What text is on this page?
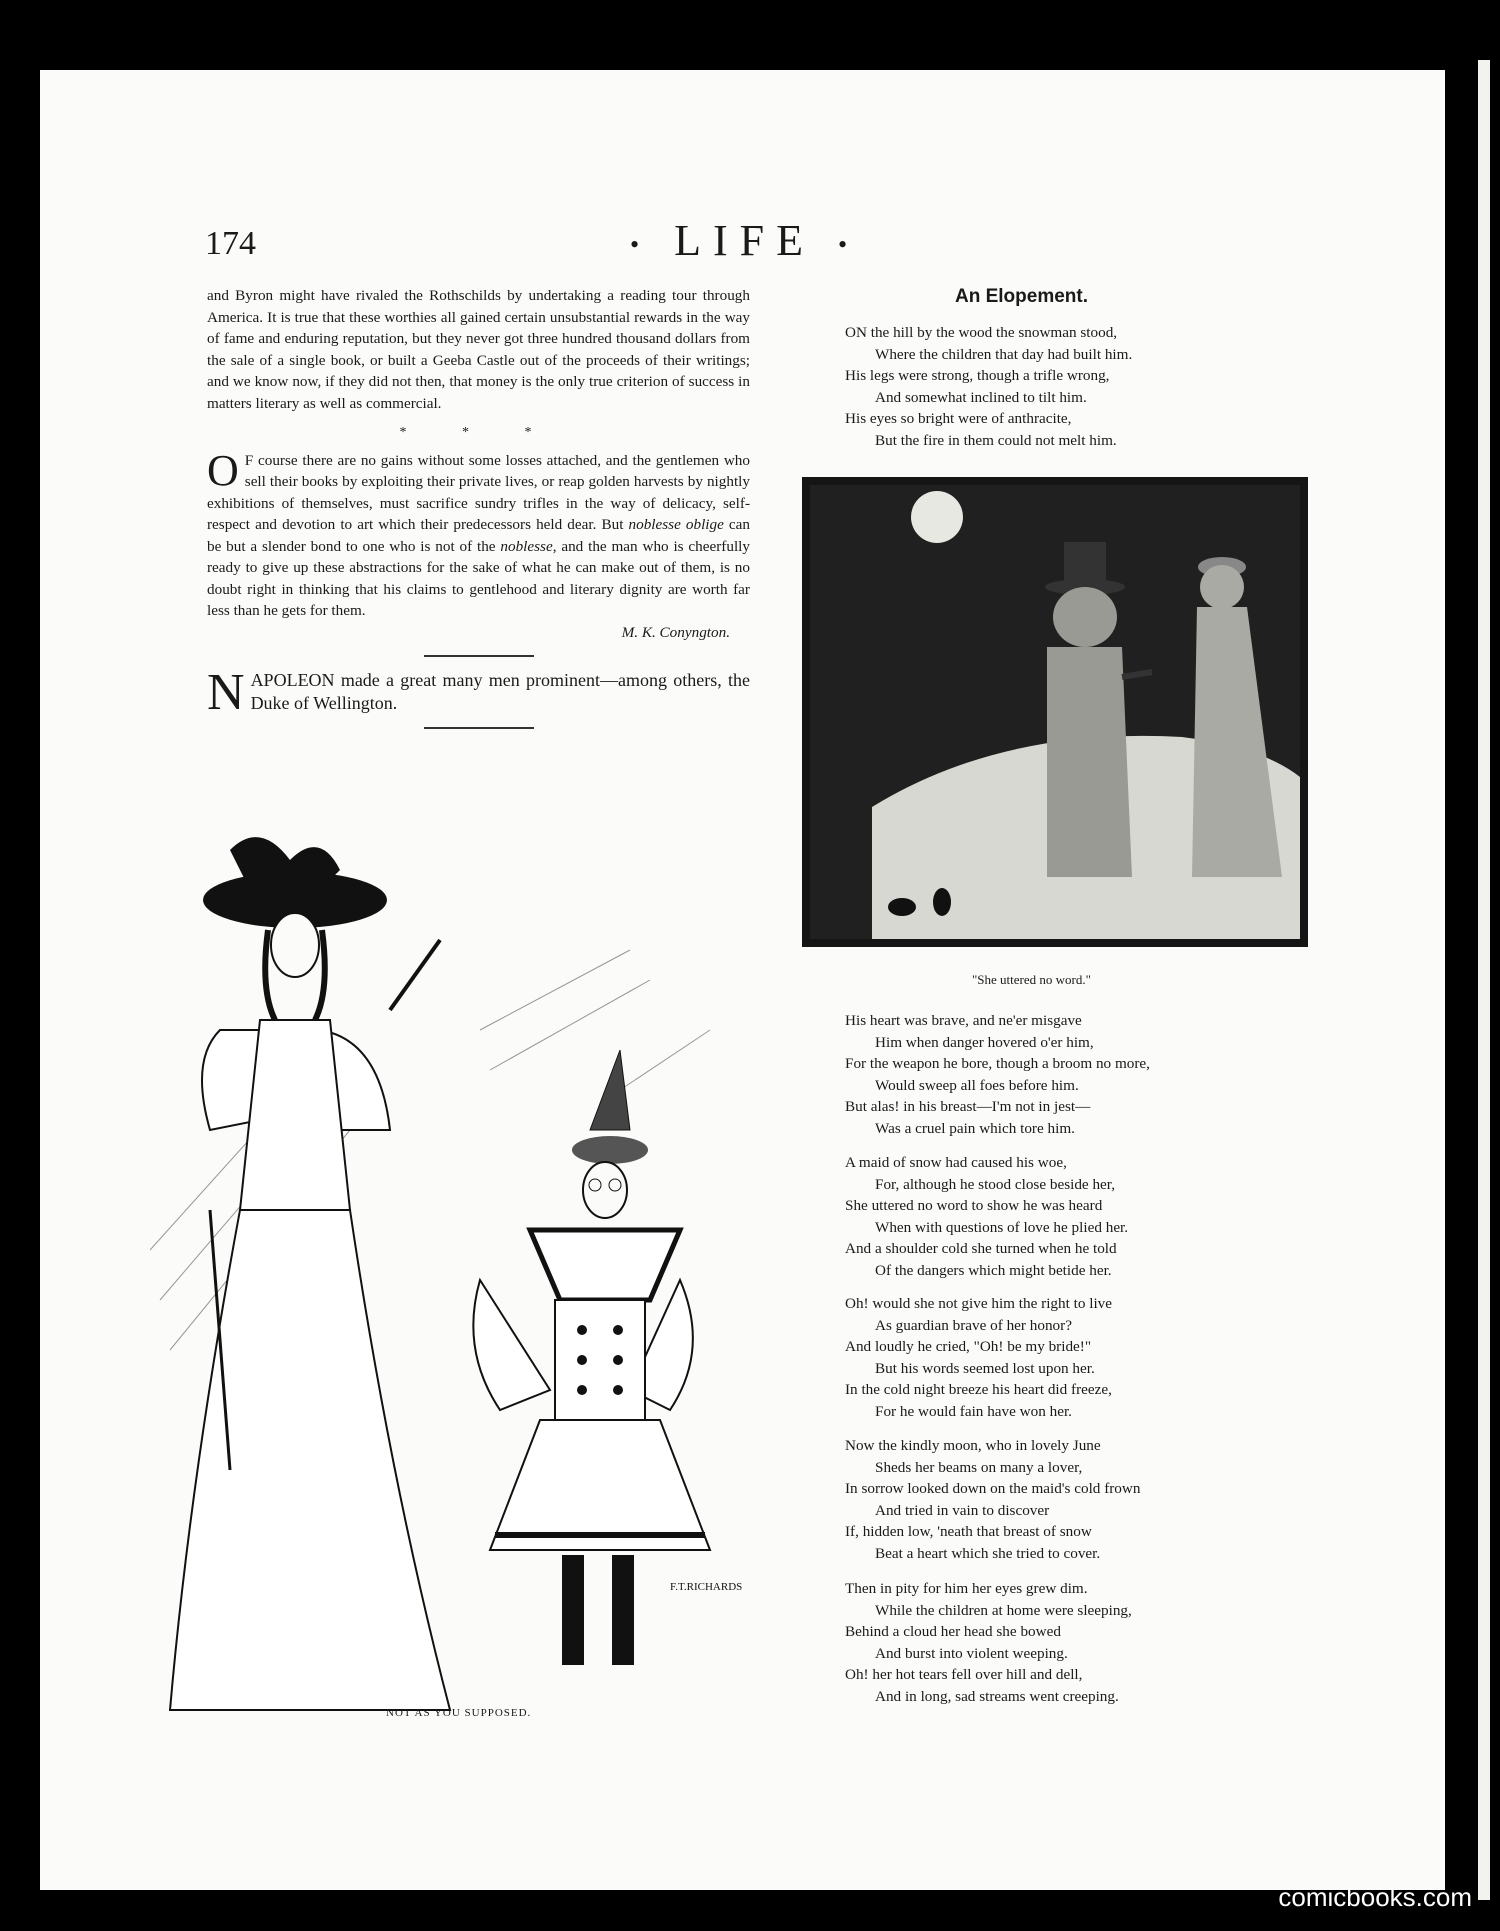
174	• LIFE •

and Byron might have rivaled the Rothschilds by undertaking a reading tour through America. It is true that these worthies all gained certain unsubstantial rewards in the way of fame and enduring reputation, but they never got three hundred thousand dollars from the sale of a single book, or built a Geeba Castle out of the proceeds of their writings; and we know now, if they did not then, that money is the only true criterion of success in matters literary as well as commercial.

* * *

O F course there are no gains without some losses attached, and the gentlemen who sell their books by exploiting their private lives, or reap golden harvests by nightly exhibitions of themselves, must sacrifice sundry trifles in the way of delicacy, self-respect and devotion to art which their predecessors held dear. But noblesse oblige can be but a slender bond to one who is not of the noblesse, and the man who is cheerfully ready to give up these abstractions for the sake of what he can make out of them, is no doubt right in thinking that his claims to gentlehood and literary dignity are worth far less than he gets for them.

M. K. Conyngton.

NAPOLEON made a great many men prominent—among others, the Duke of Wellington.

F.T.RICHARDS
NOT AS YOU SUPPOSED.
An Elopement.
ON the hill by the wood the snowman stood,
Where the children that day had built him.
His legs were strong, though a trifle wrong,
And somewhat inclined to tilt him.
His eyes so bright were of anthracite,
But the fire in them could not melt him.
"She uttered no word."
His heart was brave, and ne'er misgave
Him when danger hovered o'er him,
For the weapon he bore, though a broom no more,
Would sweep all foes before him.
But alas! in his breast—I'm not in jest—
Was a cruel pain which tore him.
A maid of snow had caused his woe,
For, although he stood close beside her,
She uttered no word to show he was heard
When with questions of love he plied her.
And a shoulder cold she turned when he told
Of the dangers which might betide her.
Oh! would she not give him the right to live
As guardian brave of her honor?
And loudly he cried, "Oh! be my bride!"
But his words seemed lost upon her.
In the cold night breeze his heart did freeze,
For he would fain have won her.
Now the kindly moon, who in lovely June
Sheds her beams on many a lover,
In sorrow looked down on the maid's cold frown
And tried in vain to discover
If, hidden low, 'neath that breast of snow
Beat a heart which she tried to cover.
Then in pity for him her eyes grew dim.
While the children at home were sleeping,
Behind a cloud her head she bowed
And burst into violent weeping.
Oh! her hot tears fell over hill and dell,
And in long, sad streams went creeping.
comicbooks.com
